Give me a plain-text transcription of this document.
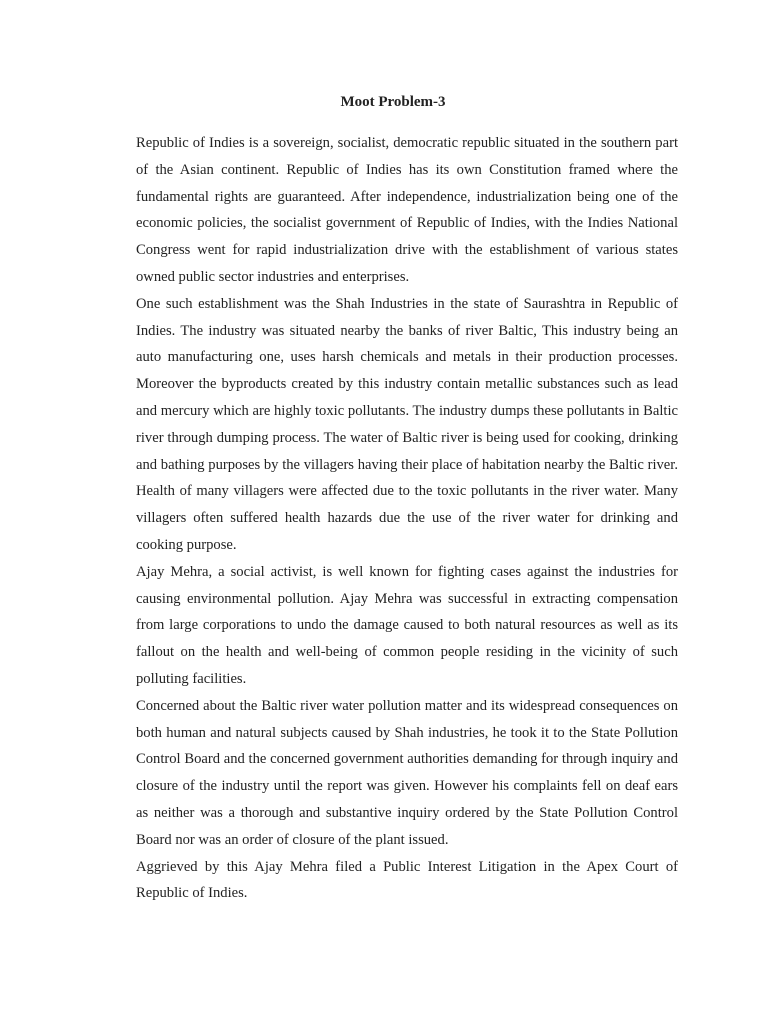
Moot Problem-3

Republic of Indies is a sovereign, socialist, democratic republic situated in the southern part of the Asian continent. Republic of Indies has its own Constitution framed where the fundamental rights are guaranteed. After independence, industrialization being one of the economic policies, the socialist government of Republic of Indies, with the Indies National Congress went for rapid industrialization drive with the establishment of various states owned public sector industries and enterprises.

One such establishment was the Shah Industries in the state of Saurashtra in Republic of Indies. The industry was situated nearby the banks of river Baltic, This industry being an auto manufacturing one, uses harsh chemicals and metals in their production processes. Moreover the byproducts created by this industry contain metallic substances such as lead and mercury which are highly toxic pollutants. The industry dumps these pollutants in Baltic river through dumping process. The water of Baltic river is being used for cooking, drinking and bathing purposes by the villagers having their place of habitation nearby the Baltic river. Health of many villagers were affected due to the toxic pollutants in the river water. Many villagers often suffered health hazards due the use of the river water for drinking and cooking purpose.

Ajay Mehra, a social activist, is well known for fighting cases against the industries for causing environmental pollution. Ajay Mehra was successful in extracting compensation from large corporations to undo the damage caused to both natural resources as well as its fallout on the health and well-being of common people residing in the vicinity of such polluting facilities.

Concerned about the Baltic river water pollution matter and its widespread consequences on both human and natural subjects caused by Shah industries, he took it to the State Pollution Control Board and the concerned government authorities demanding for through inquiry and closure of the industry until the report was given. However his complaints fell on deaf ears as neither was a thorough and substantive inquiry ordered by the State Pollution Control Board nor was an order of closure of the plant issued.

Aggrieved by this Ajay Mehra filed a Public Interest Litigation in the Apex Court of Republic of Indies.
